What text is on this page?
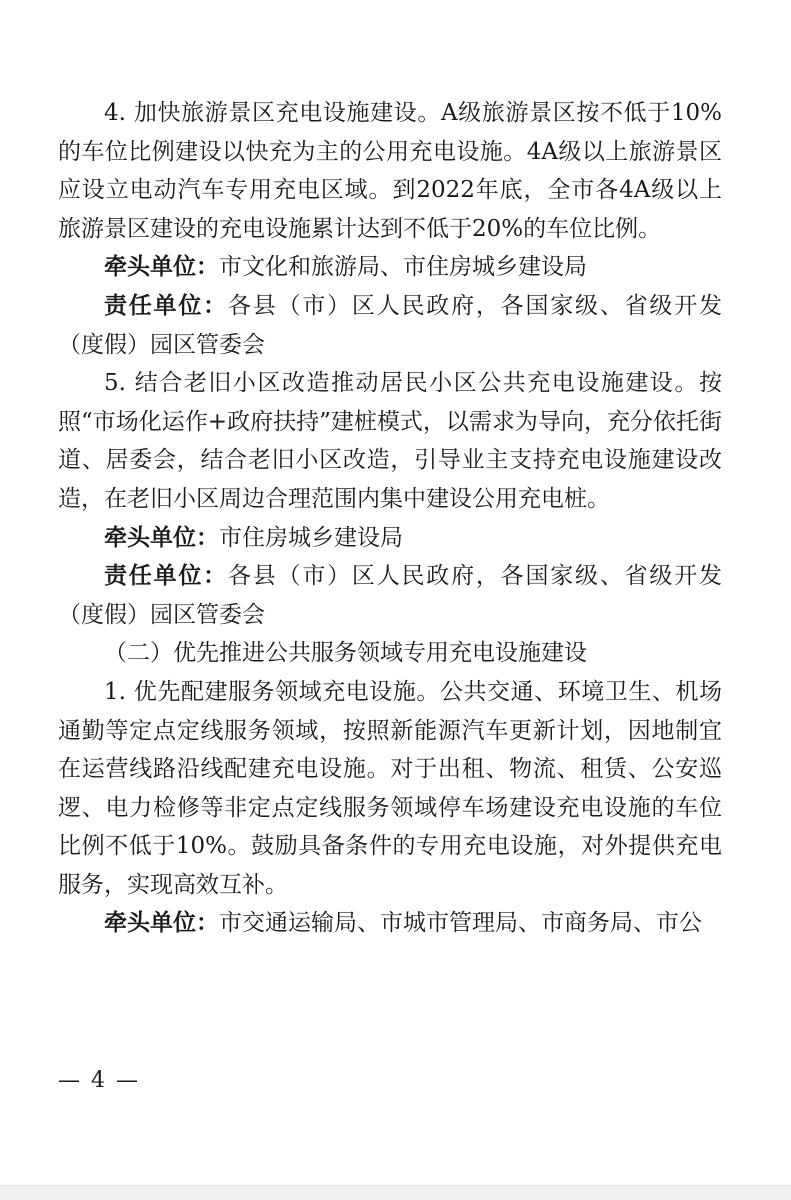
4. 加快旅游景区充电设施建设。A级旅游景区按不低于10%的车位比例建设以快充为主的公用充电设施。4A级以上旅游景区应设立电动汽车专用充电区域。到2022年底，全市各4A级以上旅游景区建设的充电设施累计达到不低于20%的车位比例。

牵头单位：市文化和旅游局、市住房城乡建设局

责任单位：各县（市）区人民政府，各国家级、省级开发（度假）园区管委会

5. 结合老旧小区改造推动居民小区公共充电设施建设。按照“市场化运作+政府扶持”建桩模式，以需求为导向，充分依托街道、居委会，结合老旧小区改造，引导业主支持充电设施建设改造，在老旧小区周边合理范围内集中建设公用充电桩。

牵头单位：市住房城乡建设局

责任单位：各县（市）区人民政府，各国家级、省级开发（度假）园区管委会

（二）优先推进公共服务领域专用充电设施建设

1. 优先配建服务领域充电设施。公共交通、环境卫生、机场通勤等定点定线服务领域，按照新能源汽车更新计划，因地制宜在运营线路沿线配建充电设施。对于出租、物流、租赁、公安巡逻、电力检修等非定点定线服务领域停车场建设充电设施的车位比例不低于10%。鼓励具备条件的专用充电设施，对外提供充电服务，实现高效互补。

牵头单位：市交通运输局、市城市管理局、市商务局、市公

— 4 —
